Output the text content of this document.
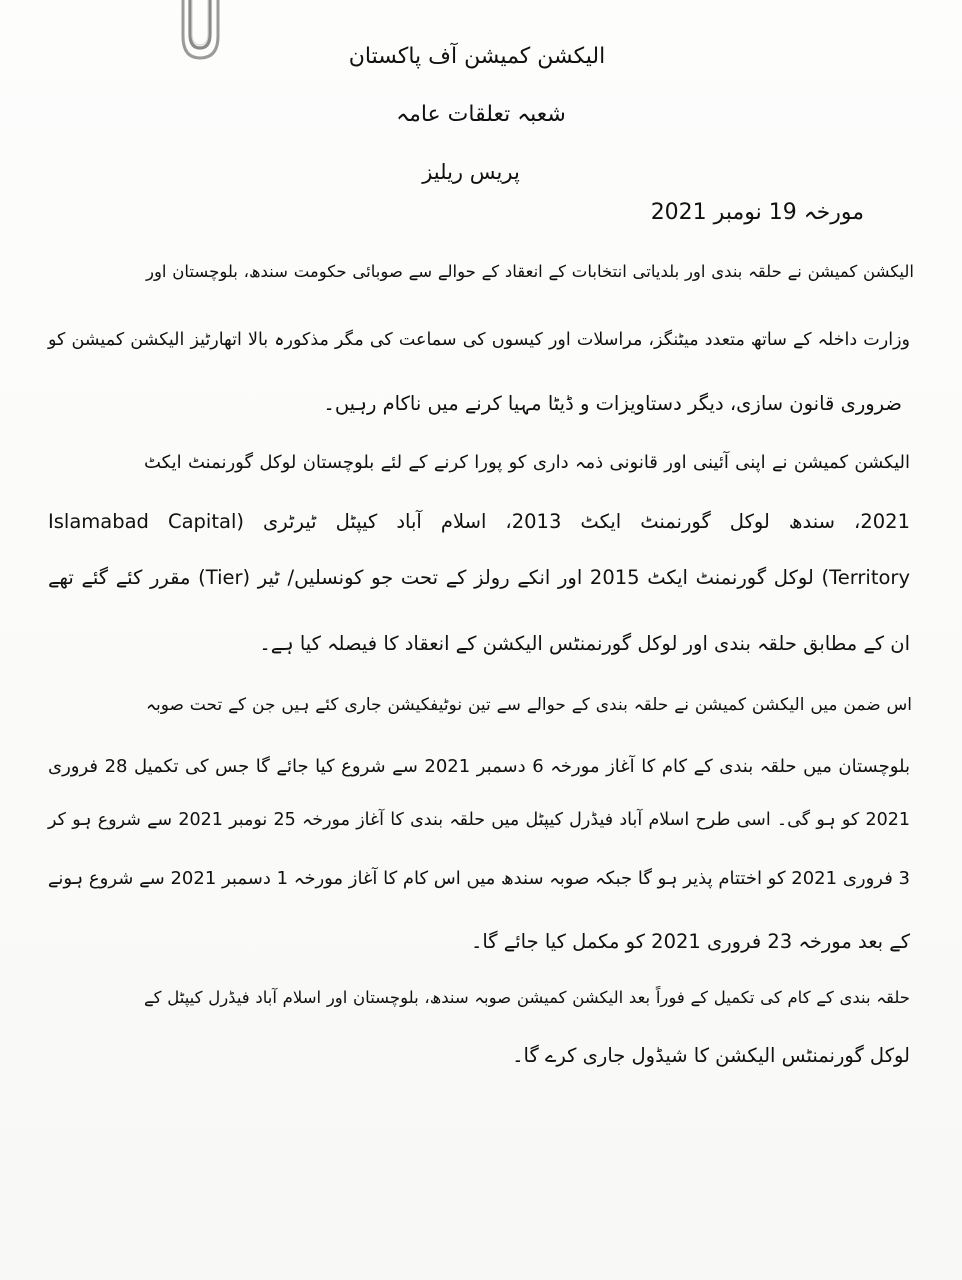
الیکشن کمیشن آف پاکستان
شعبہ تعلقات عامہ
پریس ریلیز
مورخہ 19 نومبر 2021
الیکشن کمیشن نے حلقہ بندی اور بلدیاتی انتخابات کے انعقاد کے حوالے سے صوبائی حکومت سندھ، بلوچستان اور
وزارت داخلہ کے ساتھ متعدد میٹنگز، مراسلات اور کیسوں کی سماعت کی مگر مذکورہ بالا اتھارٹیز الیکشن کمیشن کو
ضروری قانون سازی، دیگر دستاویزات و ڈیٹا مہیا کرنے میں ناکام رہیں۔
الیکشن کمیشن نے اپنی آئینی اور قانونی ذمہ داری کو پورا کرنے کے لئے بلوچستان لوکل گورنمنٹ ایکٹ
2021، سندھ لوکل گورنمنٹ ایکٹ 2013، اسلام آباد کیپٹل ٹیرٹری (Islamabad Capital
Territory) لوکل گورنمنٹ ایکٹ 2015 اور انکے رولز کے تحت جو کونسلیں/ ٹیر (Tier) مقرر کئے گئے تھے
ان کے مطابق حلقہ بندی اور لوکل گورنمنٹس الیکشن کے انعقاد کا فیصلہ کیا ہے۔
اس ضمن میں الیکشن کمیشن نے حلقہ بندی کے حوالے سے تین نوٹیفکیشن جاری کئے ہیں جن کے تحت صوبہ
بلوچستان میں حلقہ بندی کے کام کا آغاز مورخہ 6 دسمبر 2021 سے شروع کیا جائے گا جس کی تکمیل 28 فروری
2021 کو ہو گی۔ اسی طرح اسلام آباد فیڈرل کیپٹل میں حلقہ بندی کا آغاز مورخہ 25 نومبر 2021 سے شروع ہو کر
3 فروری 2021 کو اختتام پذیر ہو گا جبکہ صوبہ سندھ میں اس کام کا آغاز مورخہ 1 دسمبر 2021 سے شروع ہونے
کے بعد مورخہ 23 فروری 2021 کو مکمل کیا جائے گا۔
حلقہ بندی کے کام کی تکمیل کے فوراً بعد الیکشن کمیشن صوبہ سندھ، بلوچستان اور اسلام آباد فیڈرل کیپٹل کے
لوکل گورنمنٹس الیکشن کا شیڈول جاری کرے گا۔
